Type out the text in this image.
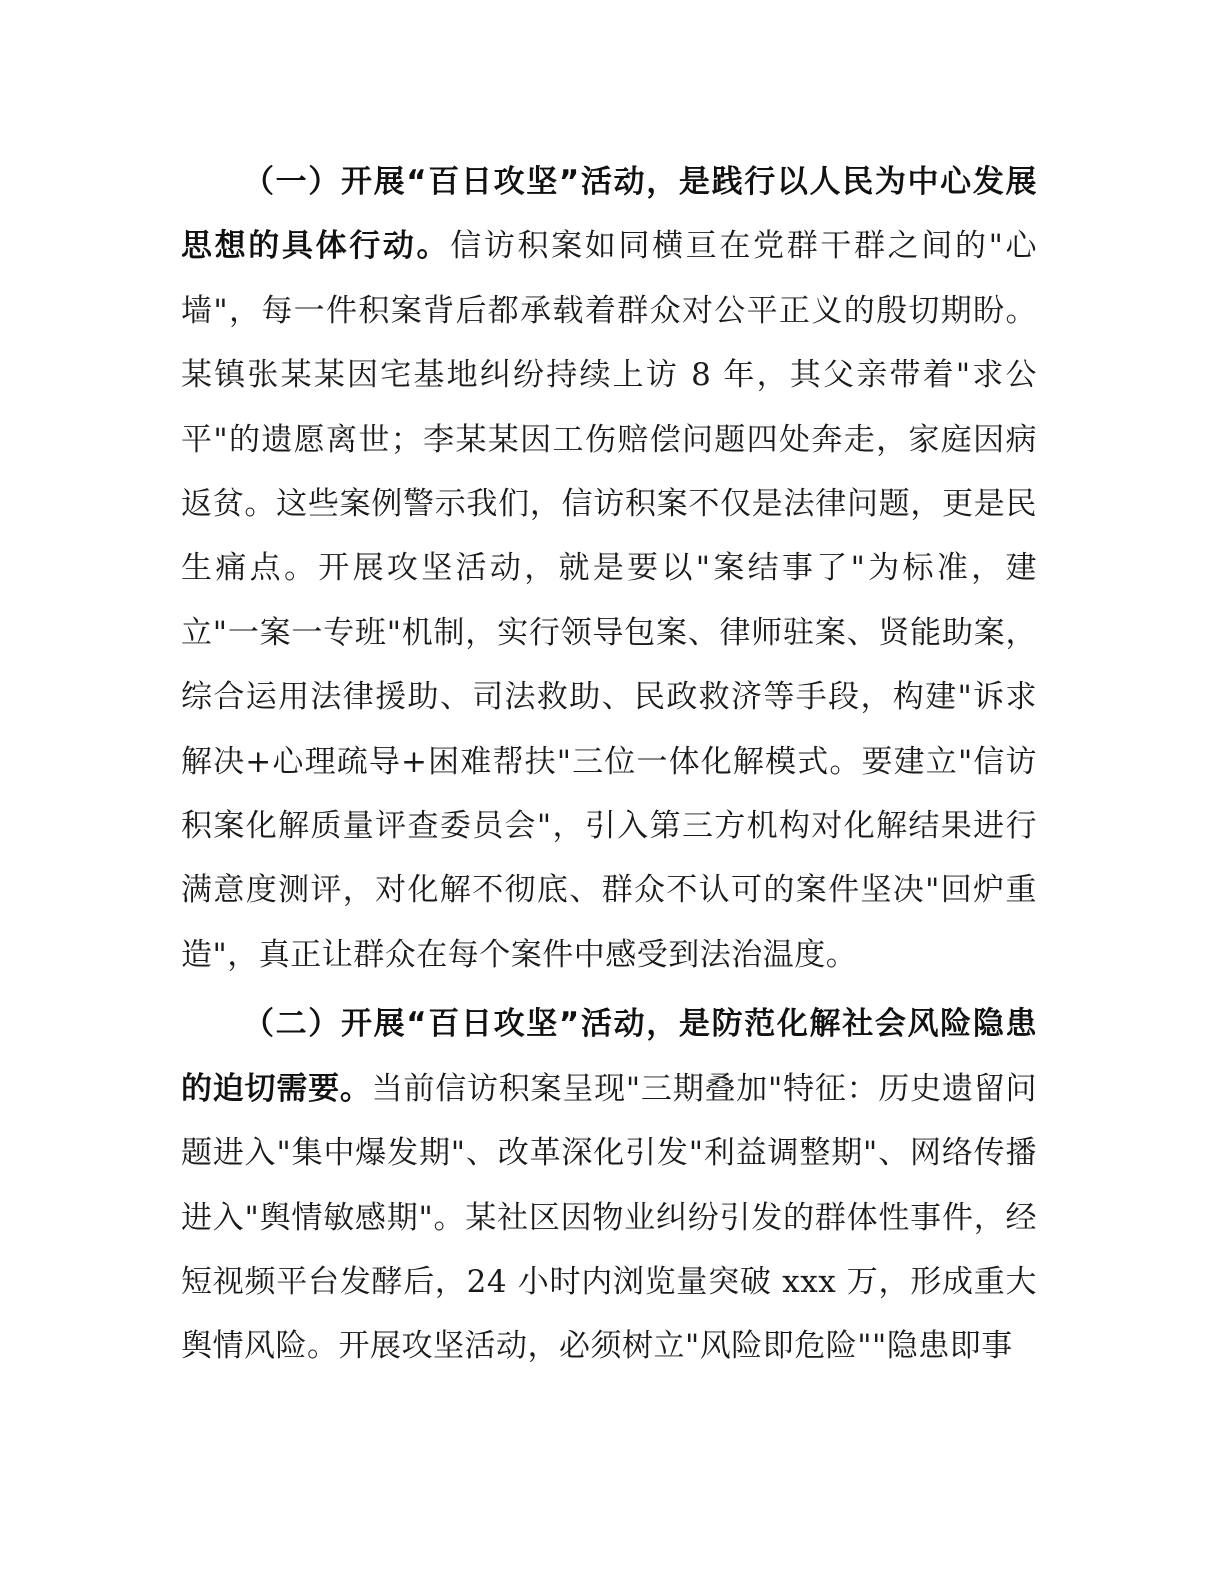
（一）开展“百日攻坚”活动，是践行以人民为中心发展思想的具体行动。信访积案如同横亘在党群干群之间的"心墙"，每一件积案背后都承载着群众对公平正义的殷切期盼。某镇张某某因宅基地纠纷持续上访 8 年，其父亲带着"求公平"的遗愿离世；李某某因工伤赔偿问题四处奔走，家庭因病返贫。这些案例警示我们，信访积案不仅是法律问题，更是民生痛点。开展攻坚活动，就是要以"案结事了"为标准，建立"一案一专班"机制，实行领导包案、律师驻案、贤能助案，综合运用法律援助、司法救助、民政救济等手段，构建"诉求解决+心理疏导+困难帮扶"三位一体化解模式。要建立"信访积案化解质量评查委员会"，引入第三方机构对化解结果进行满意度测评，对化解不彻底、群众不认可的案件坚决"回炉重造"，真正让群众在每个案件中感受到法治温度。

（二）开展“百日攻坚”活动，是防范化解社会风险隐患的迫切需要。当前信访积案呈现"三期叠加"特征：历史遗留问题进入"集中爆发期"、改革深化引发"利益调整期"、网络传播进入"舆情敏感期"。某社区因物业纠纷引发的群体性事件，经短视频平台发酵后，24 小时内浏览量突破 xxx 万，形成重大舆情风险。开展攻坚活动，必须树立"风险即危险""隐患即事
